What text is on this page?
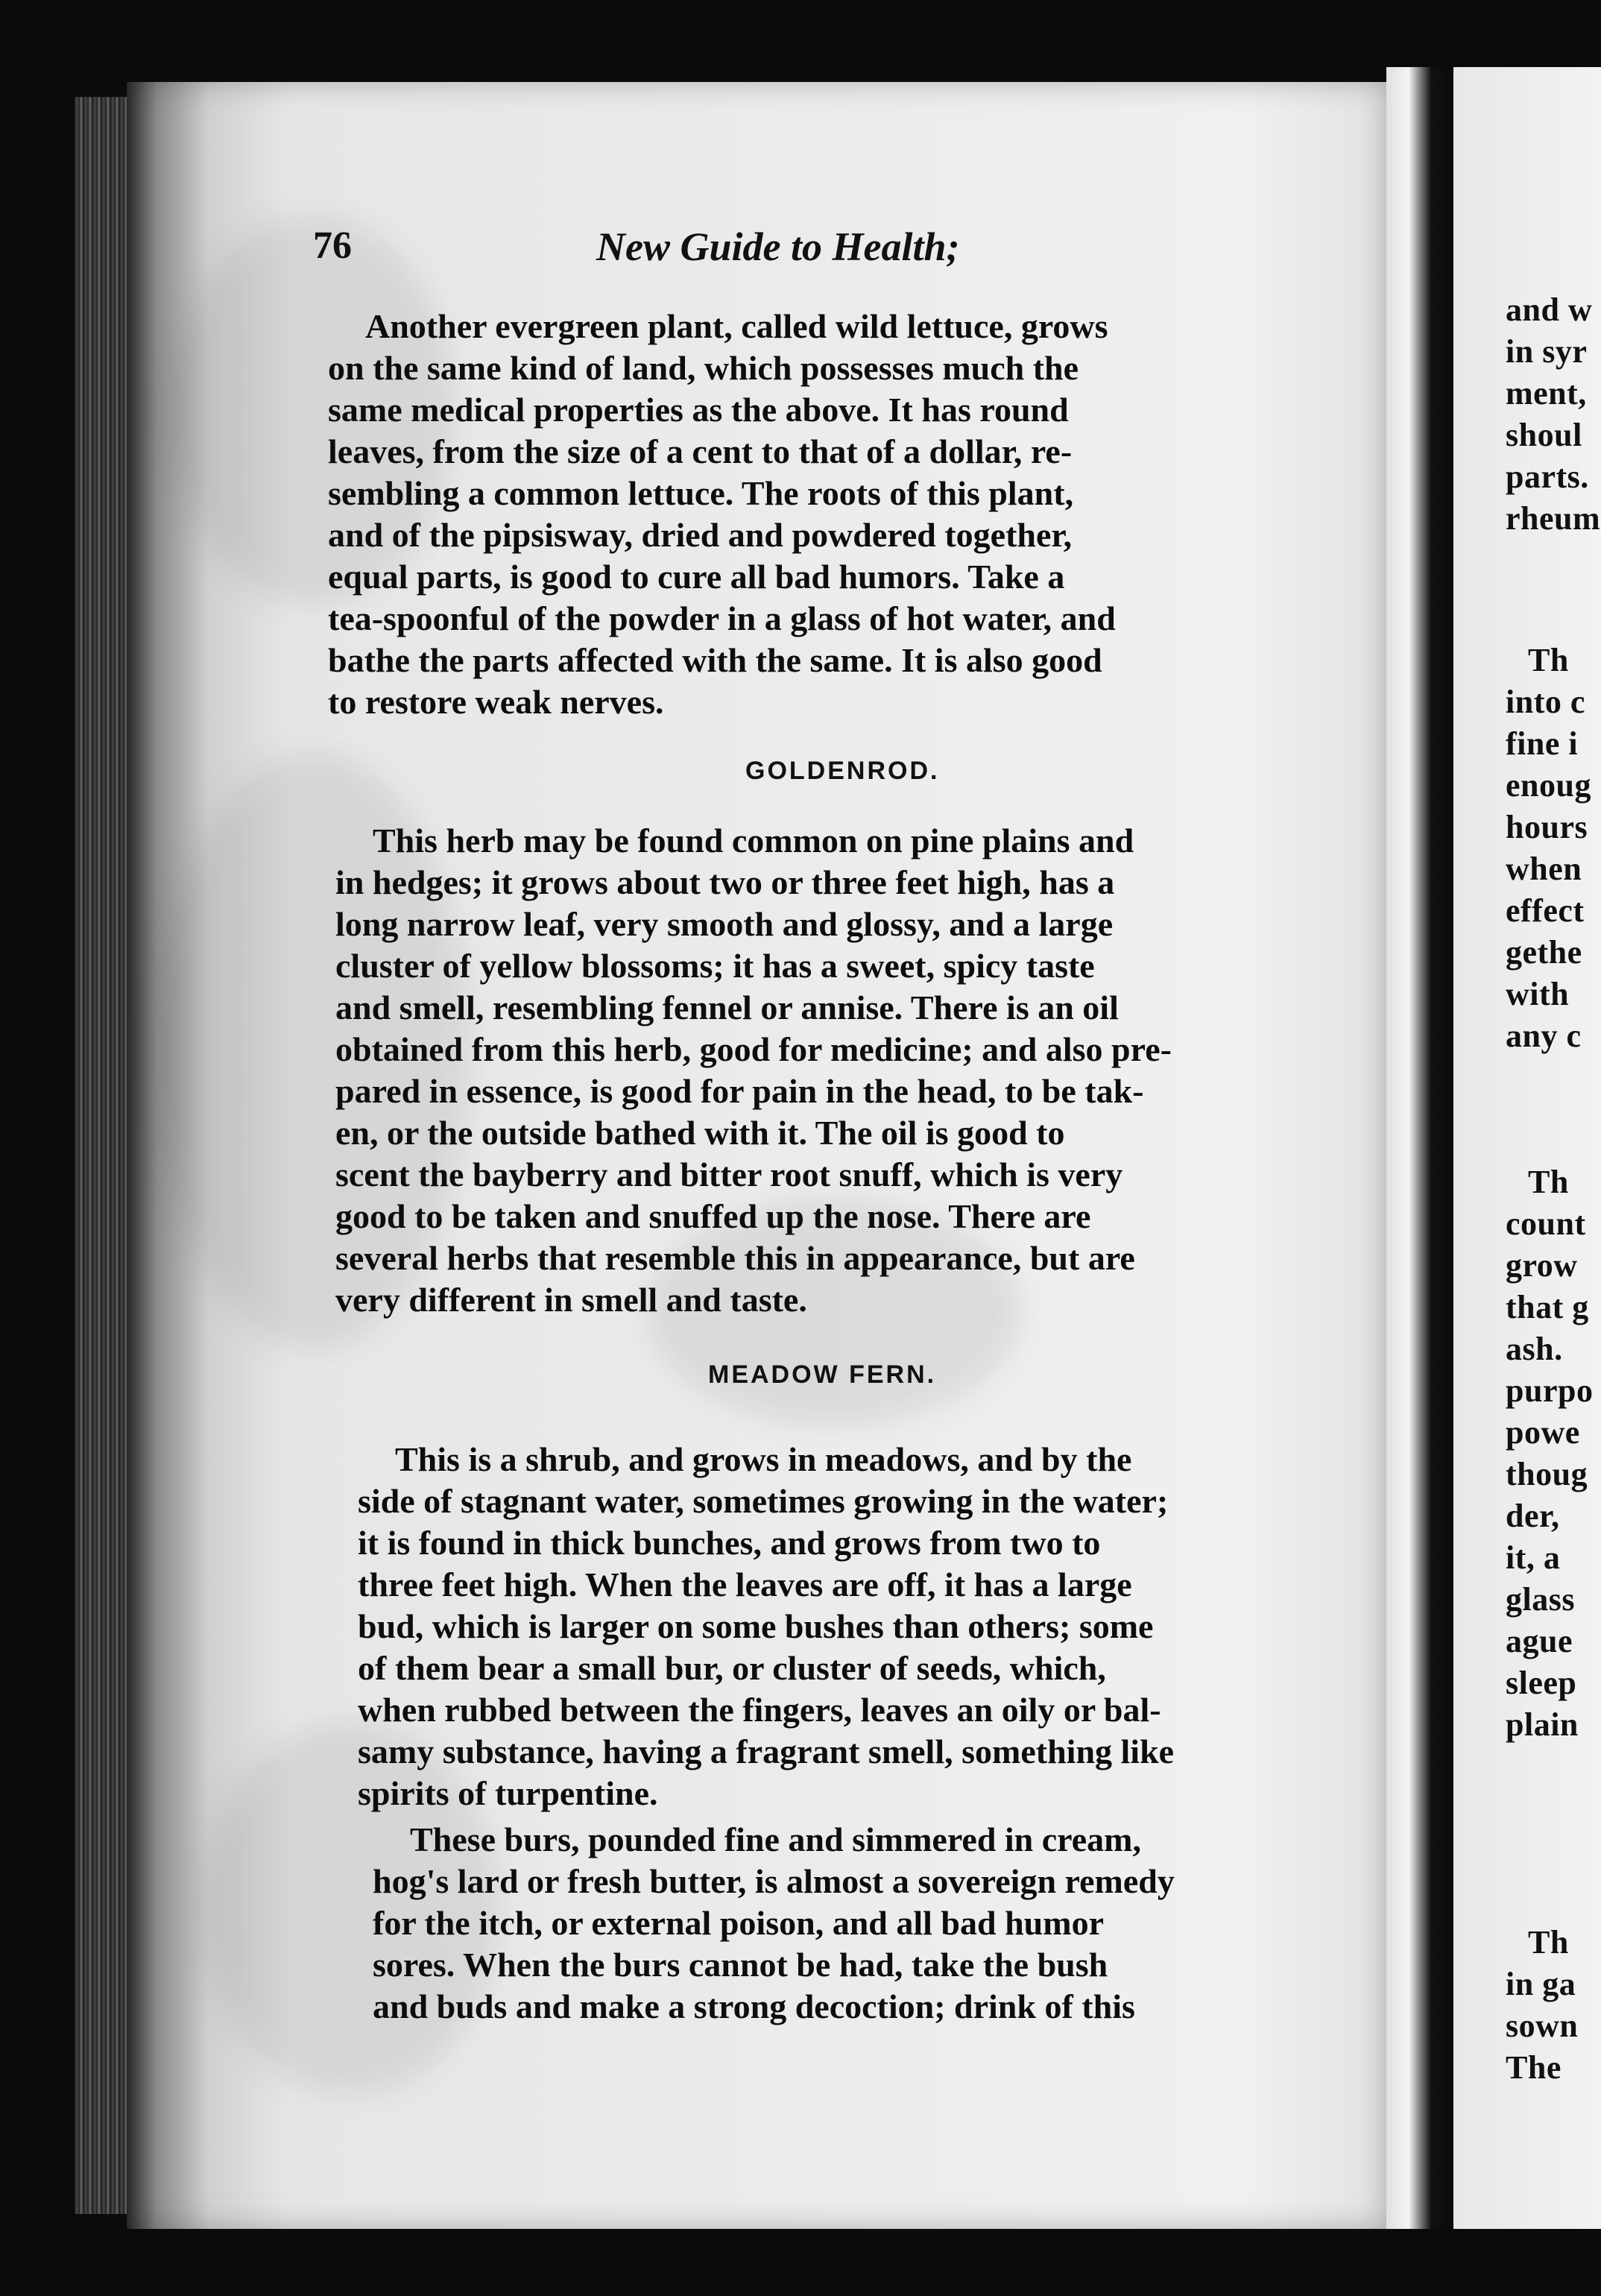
and w
in syr
ment,
shoul
parts.
rheum
Th
into c
fine i
enoug
hours
when
effect
gethe
with
any c
Th
count
grow
that g
ash.
purpo
powe
thoug
der,
it, a
glass
ague
sleep
plain
Th
in ga
sown
The
76	New Guide to Health;
Another evergreen plant, called wild lettuce, grows
on the same kind of land, which possesses much the
same medical properties as the above. It has round
leaves, from the size of a cent to that of a dollar, re-
sembling a common lettuce. The roots of this plant,
and of the pipsisway, dried and powdered together,
equal parts, is good to cure all bad humors. Take a
tea-spoonful of the powder in a glass of hot water, and
bathe the parts affected with the same. It is also good
to restore weak nerves.
GOLDENROD.
This herb may be found common on pine plains and
in hedges; it grows about two or three feet high, has a
long narrow leaf, very smooth and glossy, and a large
cluster of yellow blossoms; it has a sweet, spicy taste
and smell, resembling fennel or annise. There is an oil
obtained from this herb, good for medicine; and also pre-
pared in essence, is good for pain in the head, to be tak-
en, or the outside bathed with it. The oil is good to
scent the bayberry and bitter root snuff, which is very
good to be taken and snuffed up the nose. There are
several herbs that resemble this in appearance, but are
very different in smell and taste.
MEADOW FERN.
This is a shrub, and grows in meadows, and by the
side of stagnant water, sometimes growing in the water;
it is found in thick bunches, and grows from two to
three feet high. When the leaves are off, it has a large
bud, which is larger on some bushes than others; some
of them bear a small bur, or cluster of seeds, which,
when rubbed between the fingers, leaves an oily or bal-
samy substance, having a fragrant smell, something like
spirits of turpentine.
These burs, pounded fine and simmered in cream,
hog's lard or fresh butter, is almost a sovereign remedy
for the itch, or external poison, and all bad humor
sores. When the burs cannot be had, take the bush
and buds and make a strong decoction; drink of this
